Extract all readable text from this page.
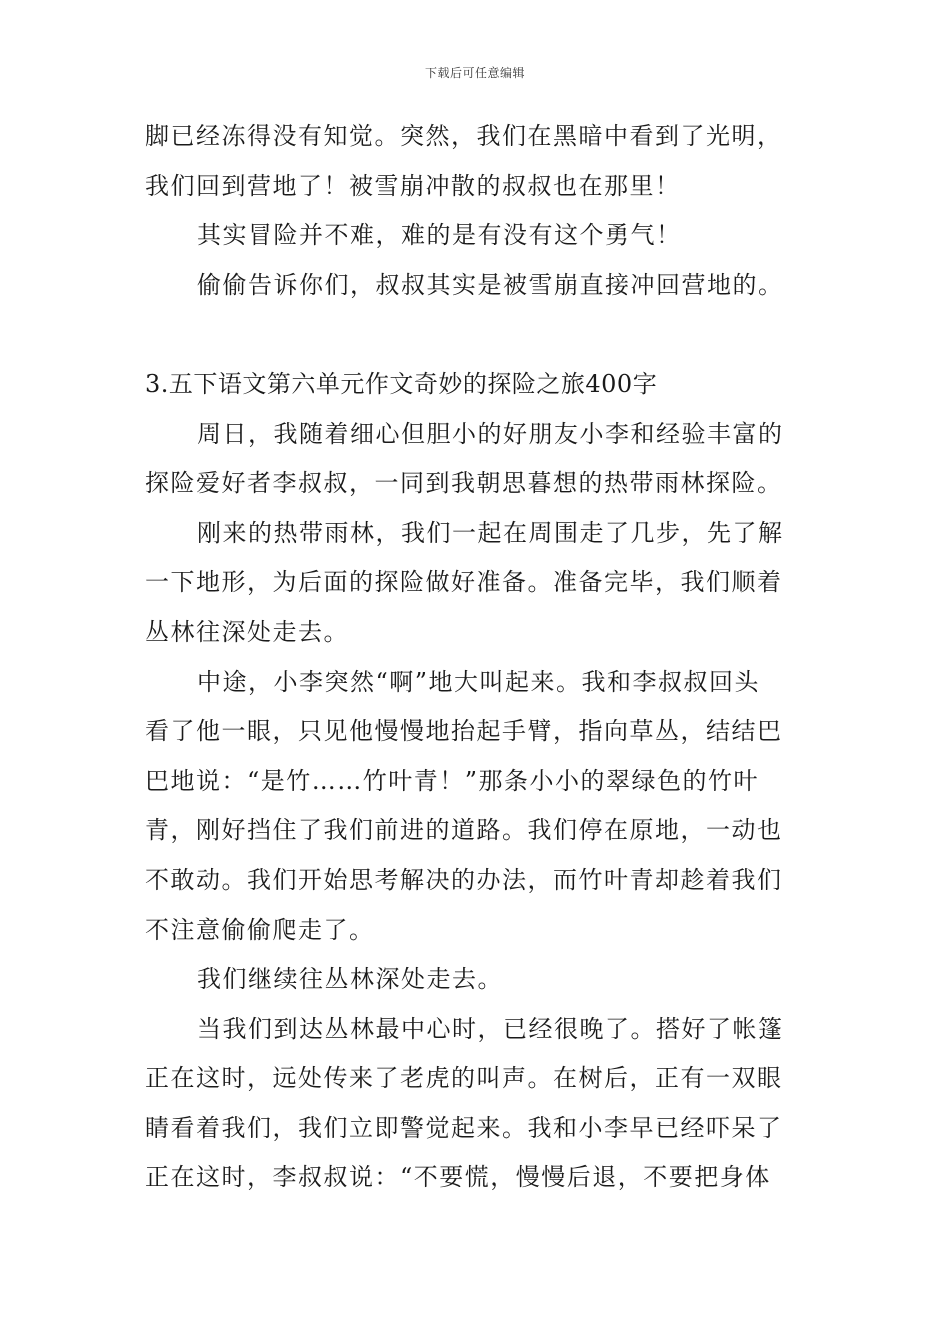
下载后可任意编辑
脚已经冻得没有知觉。突然，我们在黑暗中看到了光明，
我们回到营地了！被雪崩冲散的叔叔也在那里！
其实冒险并不难，难的是有没有这个勇气！
偷偷告诉你们，叔叔其实是被雪崩直接冲回营地的。
3.五下语文第六单元作文奇妙的探险之旅400字
周日，我随着细心但胆小的好朋友小李和经验丰富的
探险爱好者李叔叔，一同到我朝思暮想的热带雨林探险。
刚来的热带雨林，我们一起在周围走了几步，先了解
一下地形，为后面的探险做好准备。准备完毕，我们顺着
丛林往深处走去。
中途，小李突然“啊”地大叫起来。我和李叔叔回头
看了他一眼，只见他慢慢地抬起手臂，指向草丛，结结巴
巴地说：“是竹……竹叶青！”那条小小的翠绿色的竹叶
青，刚好挡住了我们前进的道路。我们停在原地，一动也
不敢动。我们开始思考解决的办法，而竹叶青却趁着我们
不注意偷偷爬走了。
我们继续往丛林深处走去。
当我们到达丛林最中心时，已经很晚了。搭好了帐篷
正在这时，远处传来了老虎的叫声。在树后，正有一双眼
睛看着我们，我们立即警觉起来。我和小李早已经吓呆了
正在这时，李叔叔说：“不要慌，慢慢后退，不要把身体
